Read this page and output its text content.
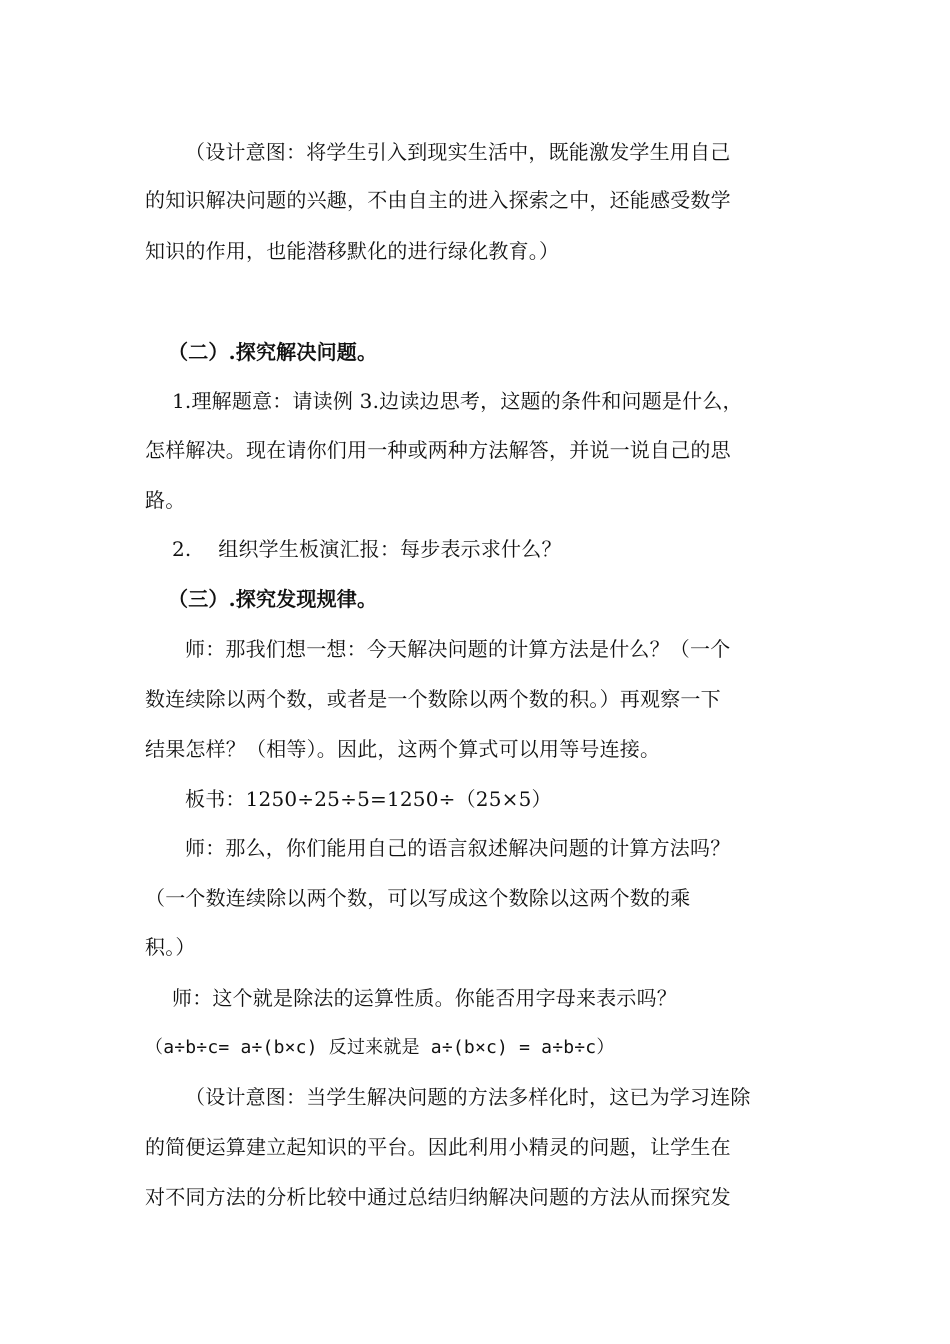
（设计意图：将学生引入到现实生活中，既能激发学生用自己
的知识解决问题的兴趣，不由自主的进入探索之中，还能感受数学
知识的作用，也能潜移默化的进行绿化教育。）
（二）.探究解决问题。
1.理解题意：请读例 3.边读边思考，这题的条件和问题是什么，
怎样解决。现在请你们用一种或两种方法解答，并说一说自己的思
路。
2.　 组织学生板演汇报：每步表示求什么？
（三）.探究发现规律。
师：那我们想一想：今天解决问题的计算方法是什么？（一个
数连续除以两个数，或者是一个数除以两个数的积。）再观察一下
结果怎样？（相等）。因此，这两个算式可以用等号连接。
板书：1250÷25÷5=1250÷（25×5）
师：那么，你们能用自己的语言叙述解决问题的计算方法吗？
（一个数连续除以两个数，可以写成这个数除以这两个数的乘
积。）
师：这个就是除法的运算性质。你能否用字母来表示吗？
（a÷b÷c= a÷(b×c) 反过来就是 a÷(b×c) = a÷b÷c）
（设计意图：当学生解决问题的方法多样化时，这已为学习连除
的简便运算建立起知识的平台。因此利用小精灵的问题，让学生在
对不同方法的分析比较中通过总结归纳解决问题的方法从而探究发
